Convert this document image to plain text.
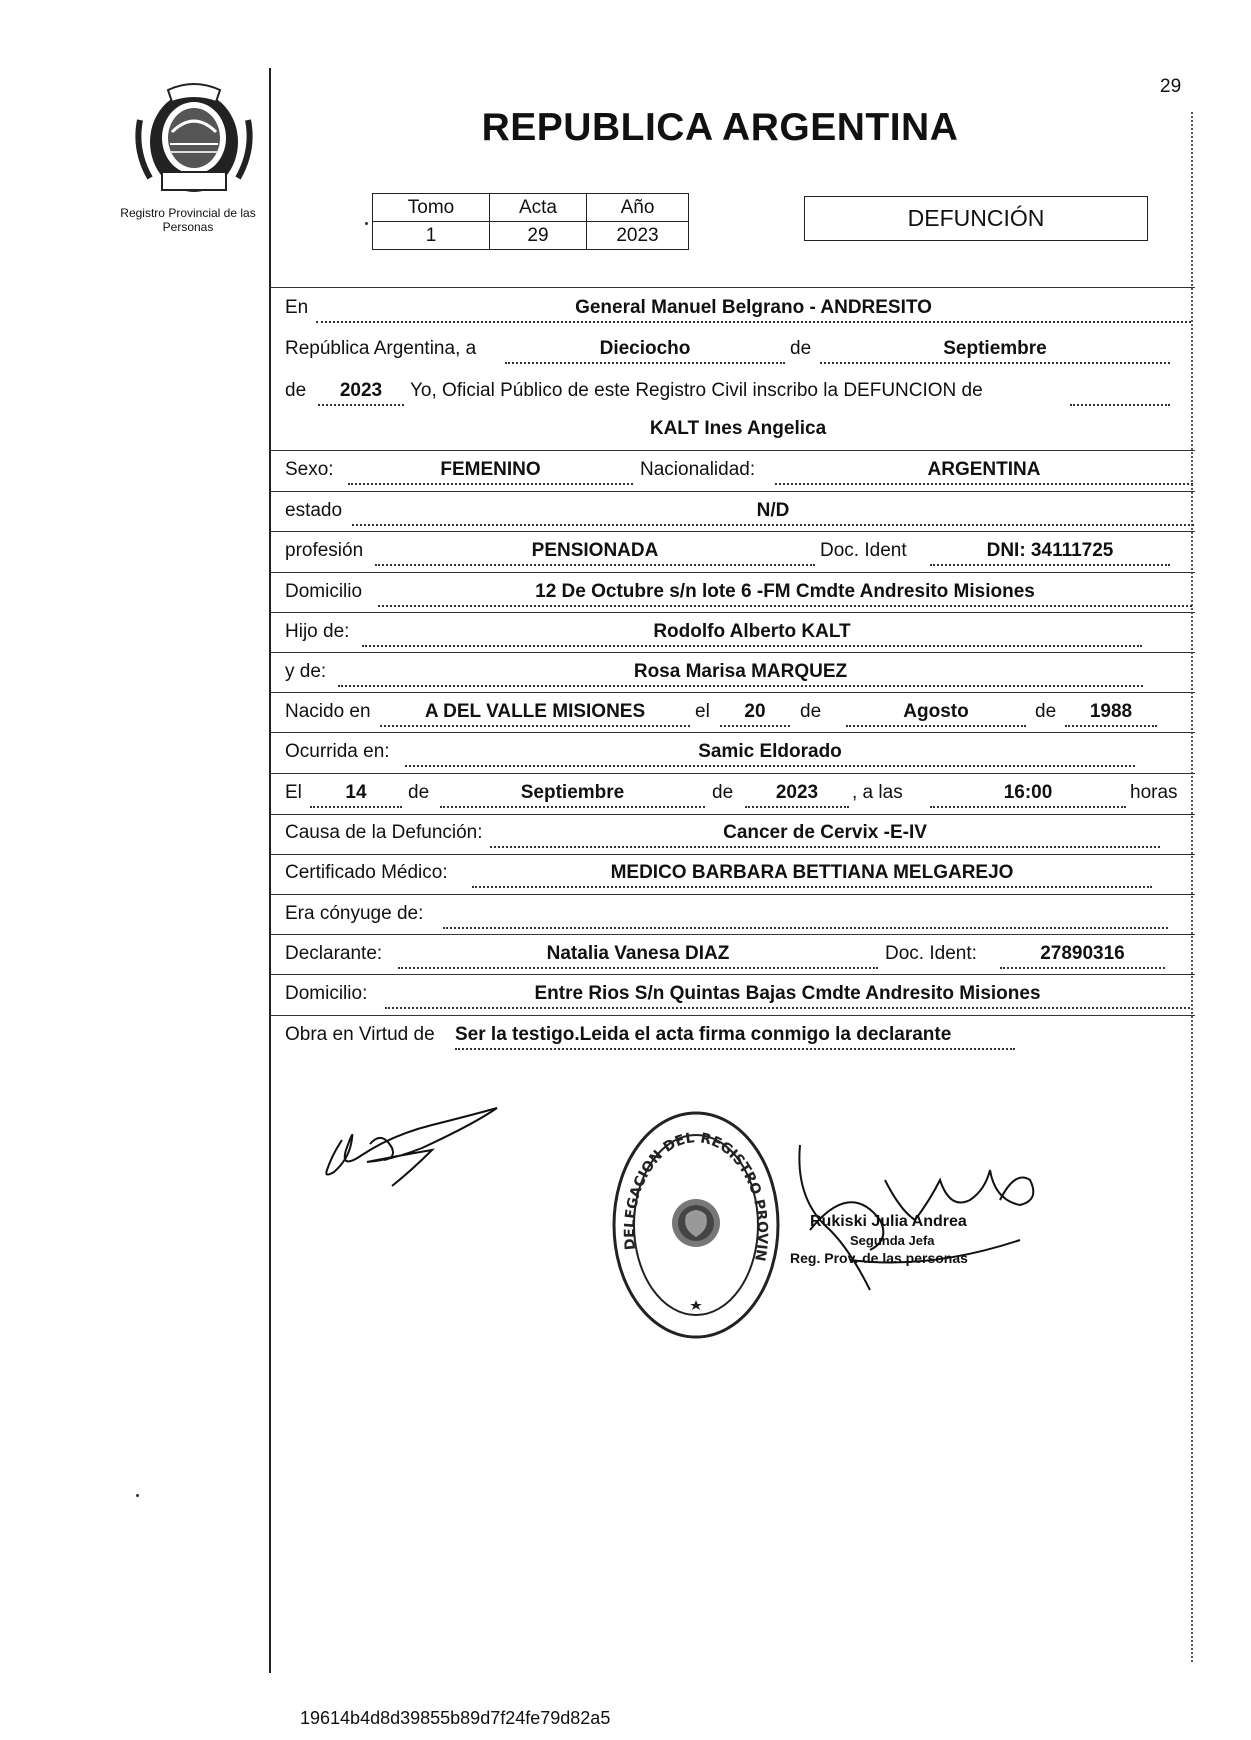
Registro Provincial de las Personas
29
REPUBLICA ARGENTINA
Tomo	Acta	Año
1	29	2023
DEFUNCIÓN
En	General Manuel Belgrano - ANDRESITO
República Argentina, a	Dieciocho	de	Septiembre
de	2023	Yo, Oficial Público de este Registro Civil inscribo la DEFUNCION de
KALT Ines Angelica
Sexo:	FEMENINO	Nacionalidad:	ARGENTINA
estado	N/D
profesión	PENSIONADA	Doc. Ident	DNI: 34111725
Domicilio	12 De Octubre s/n lote 6 -FM Cmdte Andresito Misiones
Hijo de:	Rodolfo Alberto KALT
y de:	Rosa Marisa MARQUEZ
Nacido en	A DEL VALLE MISIONES	el	20	de	Agosto	de	1988
Ocurrida en:	Samic Eldorado
El	14	de	Septiembre	de	2023	, a las	16:00	horas
Causa de la Defunción:	Cancer de Cervix -E-IV
Certificado Médico:	MEDICO BARBARA BETTIANA MELGAREJO
Era cónyuge de:
Declarante:	Natalia Vanesa DIAZ	Doc. Ident:	27890316
Domicilio:	Entre Rios S/n Quintas Bajas Cmdte Andresito Misiones
Obra en Virtud de Ser la testigo.Leida el acta firma conmigo la declarante
DELEGACION DEL REGISTRO PROVIN
Rukiski Julia Andrea
Segunda Jefa
Reg. Prov. de las personas
19614b4d8d39855b89d7f24fe79d82a5
